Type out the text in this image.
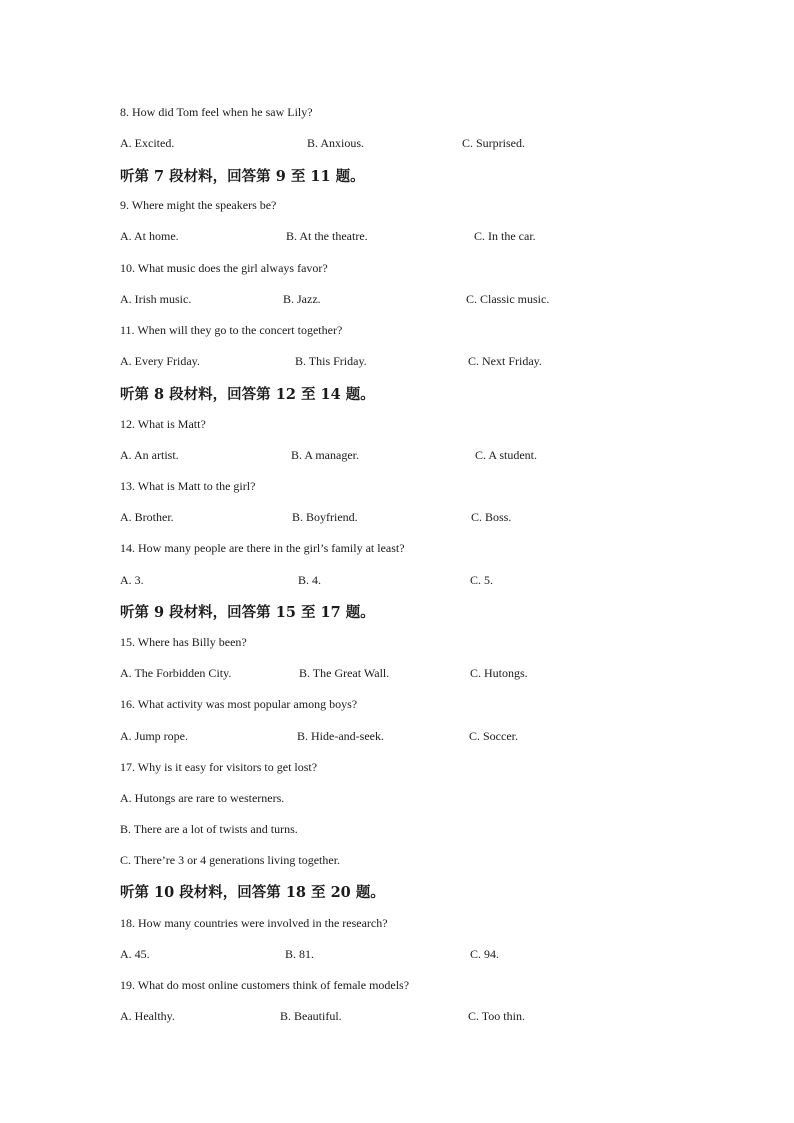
8. How did Tom feel when he saw Lily?
A. Excited.	B. Anxious.	C. Surprised.
听第 7 段材料，回答第 9 至 11 题。
9. Where might the speakers be?
A. At home.	B. At the theatre.	C. In the car.
10. What music does the girl always favor?
A. Irish music.	B. Jazz.	C. Classic music.
11. When will they go to the concert together?
A. Every Friday.	B. This Friday.	C. Next Friday.
听第 8 段材料，回答第 12 至 14 题。
12. What is Matt?
A. An artist.	B. A manager.	C. A student.
13. What is Matt to the girl?
A. Brother.	B. Boyfriend.	C. Boss.
14. How many people are there in the girl’s family at least?
A. 3.	B. 4.	C. 5.
听第 9 段材料，回答第 15 至 17 题。
15. Where has Billy been?
A. The Forbidden City.	B. The Great Wall.	C. Hutongs.
16. What activity was most popular among boys?
A. Jump rope.	B. Hide-and-seek.	C. Soccer.
17. Why is it easy for visitors to get lost?
A. Hutongs are rare to westerners.
B. There are a lot of twists and turns.
C. There’re 3 or 4 generations living together.
听第 10 段材料，回答第 18 至 20 题。
18. How many countries were involved in the research?
A. 45.	B. 81.	C. 94.
19. What do most online customers think of female models?
A. Healthy.	B. Beautiful.	C. Too thin.
